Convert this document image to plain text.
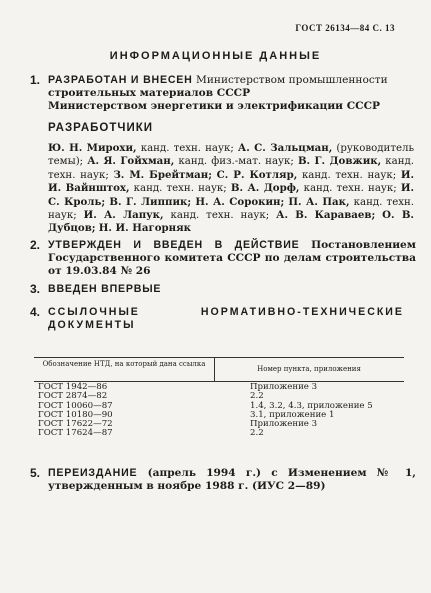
ГОСТ 26134—84 С. 13
ИНФОРМАЦИОННЫЕ ДАННЫЕ
1. РАЗРАБОТАН И ВНЕСЕН Министерством промышленности
строительных материалов СССР
Министерством энергетики и электрификации СССР
РАЗРАБОТЧИКИ
Ю. Н. Мирохи, канд. техн. наук; А. С. Зальцман, (руководитель темы); А. Я. Гойхман, канд. физ.-мат. наук; В. Г. Довжик, канд. техн. наук; З. М. Брейтман; С. Р. Котляр, канд. техн. наук; И. И. Вайнштох, канд. техн. наук; В. А. Дорф, канд. техн. наук; И. С. Кроль; В. Г. Липпик; Н. А. Сорокин; П. А. Пак, канд. техн. наук; И. А. Лапук, канд. техн. наук; А. В. Караваев; О. В. Дубцов; Н. И. Нагорняк
2. УТВЕРЖДЕН И ВВЕДЕН В ДЕЙСТВИЕ Постановлением Государственного комитета СССР по делам строительства от 19.03.84 № 26
3. ВВЕДЕН ВПЕРВЫЕ
4. ССЫЛОЧНЫЕ НОРМАТИВНО-ТЕХНИЧЕСКИЕ ДОКУМЕНТЫ
Обозначение НТД, на который дана ссылка
Номер пункта, приложения
ГОСТ 1942—86	Приложение 3
ГОСТ 2874—82	2.2
ГОСТ 10060—87	1.4, 3.2, 4.3, приложение 5
ГОСТ 10180—90	3.1, приложение 1
ГОСТ 17622—72	Приложение 3
ГОСТ 17624—87	2.2
5. ПЕРЕИЗДАНИЕ (апрель 1994 г.) с Изменением № 1, утвержденным в ноябре 1988 г. (ИУС 2—89)
